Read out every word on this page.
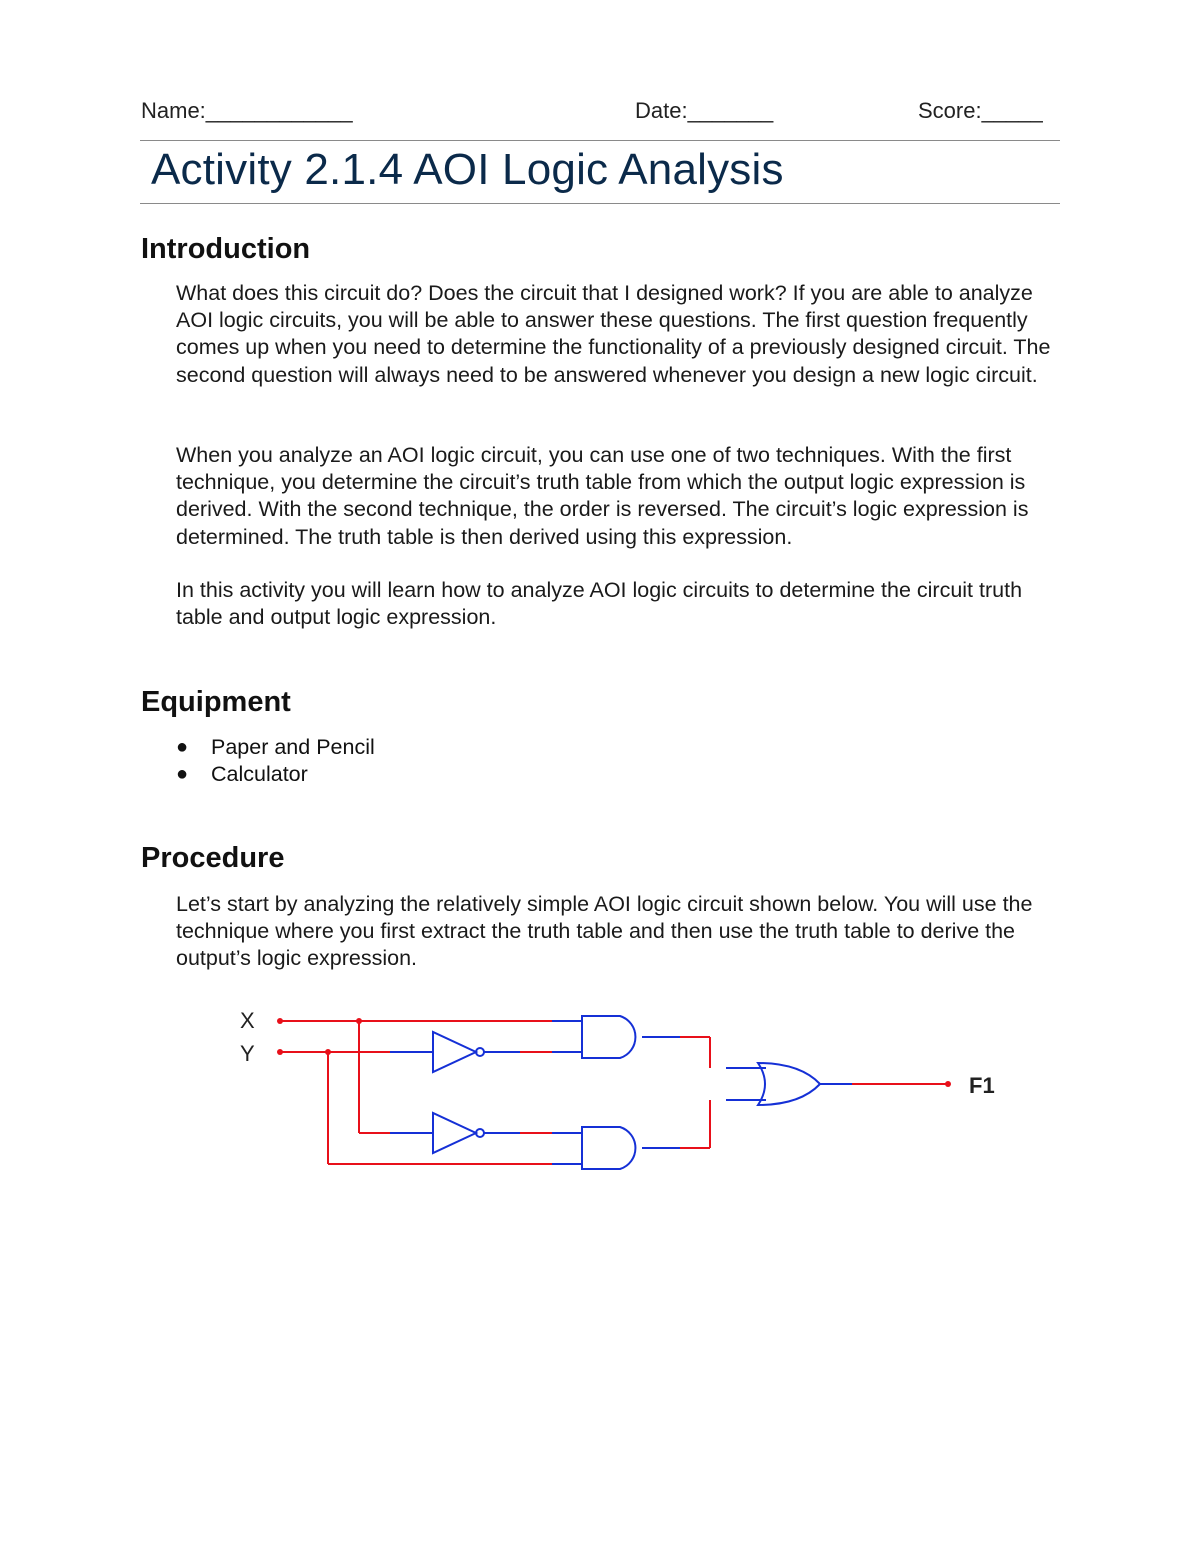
Name:____________	Date:_______	Score:_____
Activity 2.1.4 AOI Logic Analysis
Introduction

What does this circuit do? Does the circuit that I designed work? If you are able to analyze AOI logic circuits, you will be able to answer these questions. The first question frequently comes up when you need to determine the functionality of a previously designed circuit. The second question will always need to be answered whenever you design a new logic circuit.

When you analyze an AOI logic circuit, you can use one of two techniques. With the first technique, you determine the circuit’s truth table from which the output logic expression is derived. With the second technique, the order is reversed. The circuit’s logic expression is determined. The truth table is then derived using this expression.

In this activity you will learn how to analyze AOI logic circuits to determine the circuit truth table and output logic expression.

Equipment
● Paper and Pencil
● Calculator
Procedure

Let’s start by analyzing the relatively simple AOI logic circuit shown below. You will use the technique where you first extract the truth table and then use the truth table to derive the output’s logic expression.

X
Y
F1
